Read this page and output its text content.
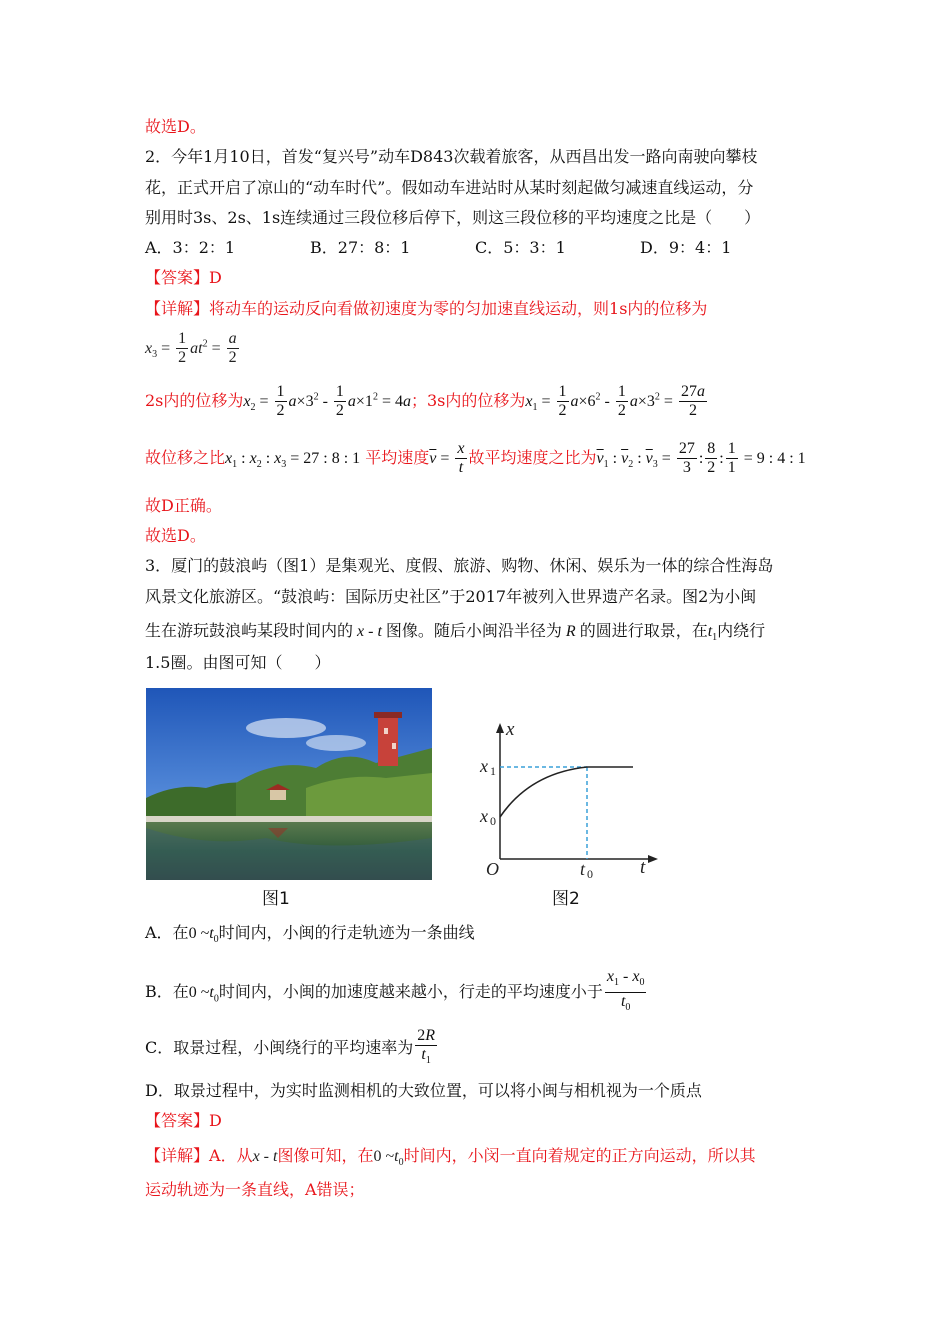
故选D。
2．今年1月10日，首发“复兴号”动车D843次载着旅客，从西昌出发一路向南驶向攀枝
花，正式开启了凉山的“动车时代”。假如动车进站时从某时刻起做匀减速直线运动，分
别用时3s、2s、1s连续通过三段位移后停下，则这三段位移的平均速度之比是（　　）
A．3：2：1	B．27：8：1	C．5：3：1	D．9：4：1
【答案】D
【详解】将动车的运动反向看做初速度为零的匀加速直线运动，则1s内的位移为
$x_3 = \frac{1}{2} at^2 = \frac{a}{2}$
2s内的位移为$x_2 = \frac{1}{2} a\times 3^2 - \frac{1}{2} a\times 1^2 = 4a$；3s内的位移为$x_1 = \frac{1}{2} a\times 6^2 - \frac{1}{2} a\times 3^2 = \frac{27a}{2}$
故位移之比$x_1$ : $x_2$ : $x_3 = 27$ : 8 : 1 平均速度$\overline{v} = \frac{x}{t}$ 故平均速度之比为$\overline{v}_1$ : $\overline{v}_2$ : $\overline{v}_3 = \frac{27}{3}$ : $\frac{8}{2}$ : $\frac{1}{1} = 9$ : 4 : 1
故D正确。
故选D。
3．厦门的鼓浪屿（图1）是集观光、度假、旅游、购物、休闲、娱乐为一体的综合性海岛
风景文化旅游区。“鼓浪屿：国际历史社区”于2017年被列入世界遗产名录。图2为小闽
生在游玩鼓浪屿某段时间内的 x - t 图像。随后小闽沿半径为 R 的圆进行取景，在$t_1$内绕行
1.5圈。由图可知（　　）
图1
x
t
O
x 1
x 0
t 0
图2
A．在0 $\sim t_0$时间内，小闽的行走轨迹为一条曲线
B．在0 $\sim t_0$时间内，小闽的加速度越来越小，行走的平均速度小于 $\frac{x_1 - x_0}{t_0}$
C．取景过程，小闽绕行的平均速率为 $\frac{2R}{t_1}$
D．取景过程中，为实时监测相机的大致位置，可以将小闽与相机视为一个质点
【答案】D
【详解】A．从x - t图像可知，在0 $\sim t_0$时间内，小闵一直向着规定的正方向运动，所以其
运动轨迹为一条直线，A错误；
